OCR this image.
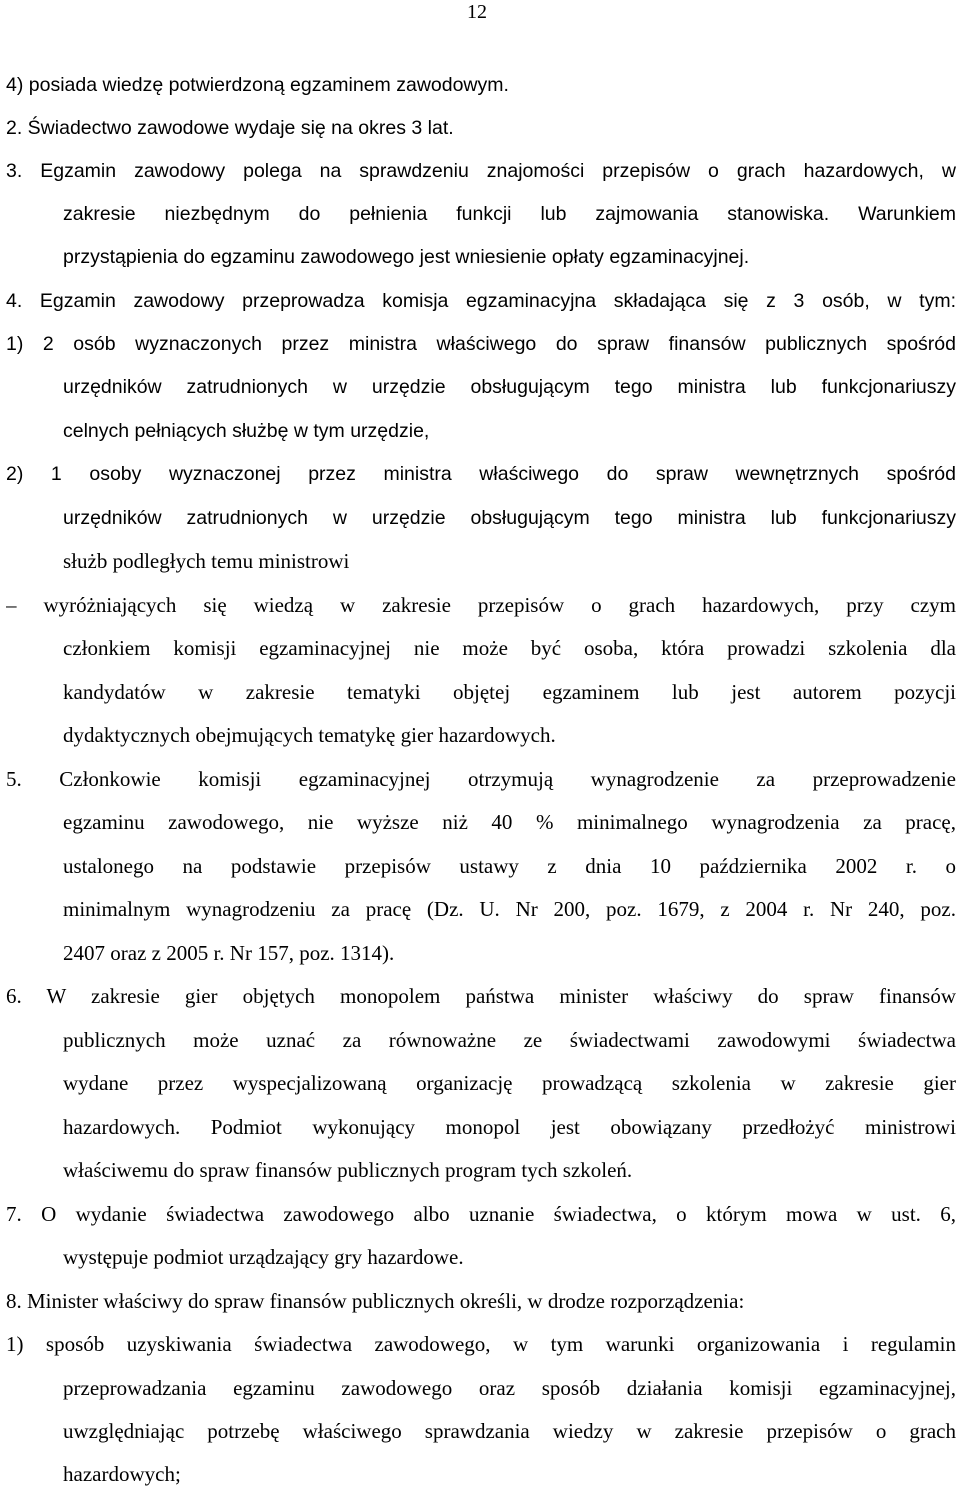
12
4) posiada wiedzę potwierdzoną egzaminem zawodowym.
2. Świadectwo zawodowe wydaje się na okres 3 lat.
3. Egzamin zawodowy polega na sprawdzeniu znajomości przepisów o grach hazardowych, w
zakresie niezbędnym do pełnienia funkcji lub zajmowania stanowiska. Warunkiem
przystąpienia do egzaminu zawodowego jest wniesienie opłaty egzaminacyjnej.
4. Egzamin zawodowy przeprowadza komisja egzaminacyjna składająca się z 3 osób, w tym:
1) 2 osób wyznaczonych przez ministra właściwego do spraw finansów publicznych spośród
urzędników zatrudnionych w urzędzie obsługującym tego ministra lub funkcjonariuszy
celnych pełniących służbę w tym urzędzie,
2) 1 osoby wyznaczonej przez ministra właściwego do spraw wewnętrznych spośród
urzędników zatrudnionych w urzędzie obsługującym tego ministra lub funkcjonariuszy
służb podległych temu ministrowi
– wyróżniających się wiedzą w zakresie przepisów o grach hazardowych, przy czym
członkiem komisji egzaminacyjnej nie może być osoba, która prowadzi szkolenia dla
kandydatów w zakresie tematyki objętej egzaminem lub jest autorem pozycji
dydaktycznych obejmujących tematykę gier hazardowych.
5. Członkowie komisji egzaminacyjnej otrzymują wynagrodzenie za przeprowadzenie
egzaminu zawodowego, nie wyższe niż 40 % minimalnego wynagrodzenia za pracę,
ustalonego na podstawie przepisów ustawy z dnia 10 października 2002 r. o
minimalnym wynagrodzeniu za pracę (Dz. U. Nr 200, poz. 1679, z 2004 r. Nr 240, poz.
2407 oraz z 2005 r. Nr 157, poz. 1314).
6. W zakresie gier objętych monopolem państwa minister właściwy do spraw finansów
publicznych może uznać za równoważne ze świadectwami zawodowymi świadectwa
wydane przez wyspecjalizowaną organizację prowadzącą szkolenia w zakresie gier
hazardowych. Podmiot wykonujący monopol jest obowiązany przedłożyć ministrowi
właściwemu do spraw finansów publicznych program tych szkoleń.
7. O wydanie świadectwa zawodowego albo uznanie świadectwa, o którym mowa w ust. 6,
występuje podmiot urządzający gry hazardowe.
8. Minister właściwy do spraw finansów publicznych określi, w drodze rozporządzenia:
1) sposób uzyskiwania świadectwa zawodowego, w tym warunki organizowania i regulamin
przeprowadzania egzaminu zawodowego oraz sposób działania komisji egzaminacyjnej,
uwzględniając potrzebę właściwego sprawdzania wiedzy w zakresie przepisów o grach
hazardowych;
